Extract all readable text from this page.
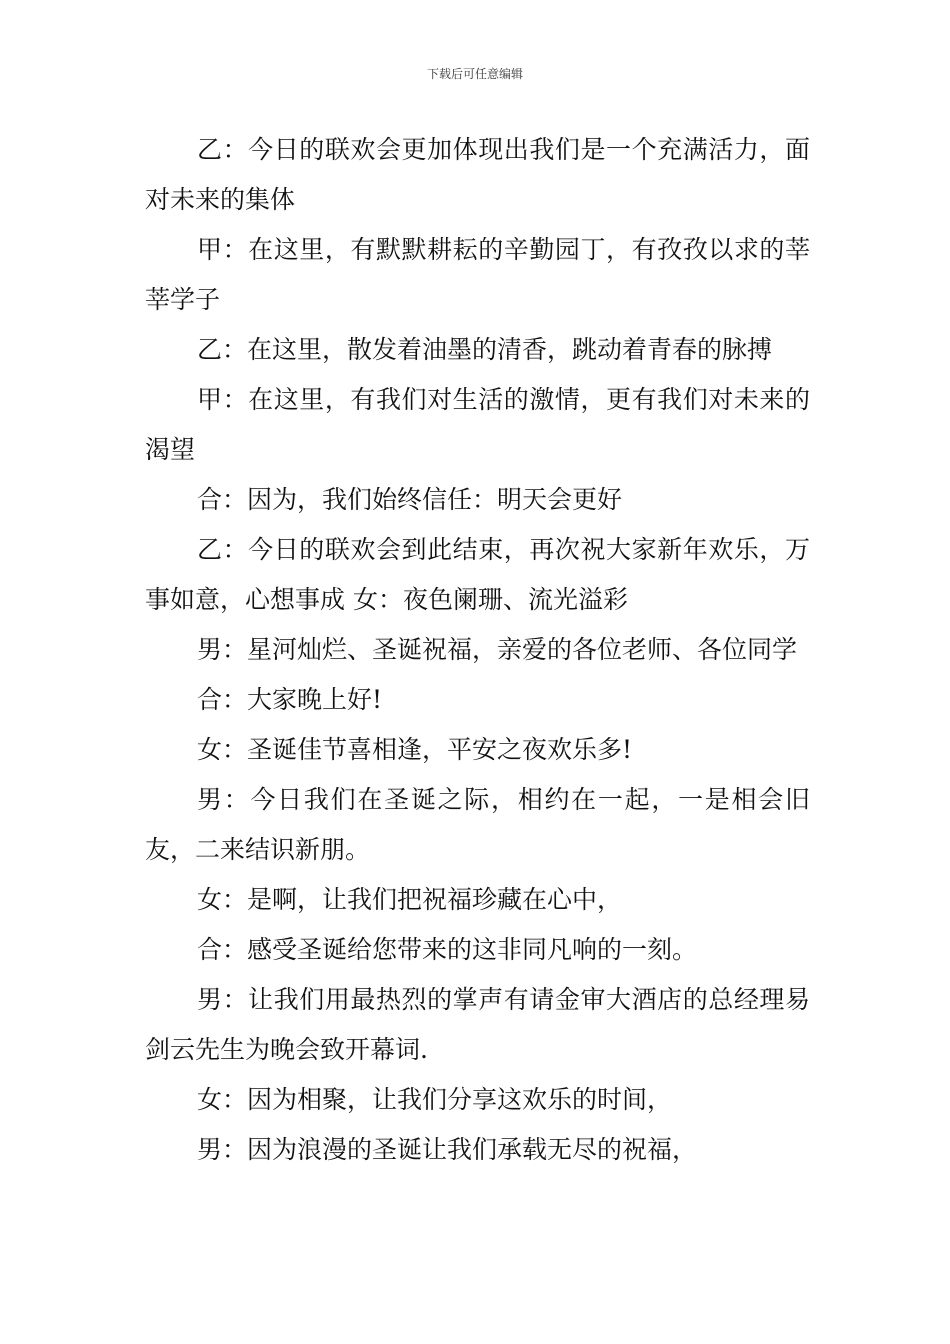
下载后可任意编辑

乙：今日的联欢会更加体现出我们是一个充满活力，面对未来的集体

甲：在这里，有默默耕耘的辛勤园丁，有孜孜以求的莘莘学子

乙：在这里，散发着油墨的清香，跳动着青春的脉搏

甲：在这里，有我们对生活的激情，更有我们对未来的渴望

合：因为，我们始终信任：明天会更好

乙：今日的联欢会到此结束，再次祝大家新年欢乐，万事如意，心想事成 女：夜色阑珊、流光溢彩

男：星河灿烂、圣诞祝福，亲爱的各位老师、各位同学

合：大家晚上好!

女：圣诞佳节喜相逢，平安之夜欢乐多!

男：今日我们在圣诞之际，相约在一起，一是相会旧友，二来结识新朋。

女：是啊，让我们把祝福珍藏在心中，

合：感受圣诞给您带来的这非同凡响的一刻。

男：让我们用最热烈的掌声有请金审大酒店的总经理易剑云先生为晚会致开幕词.

女：因为相聚，让我们分享这欢乐的时间，

男：因为浪漫的圣诞让我们承载无尽的祝福，
